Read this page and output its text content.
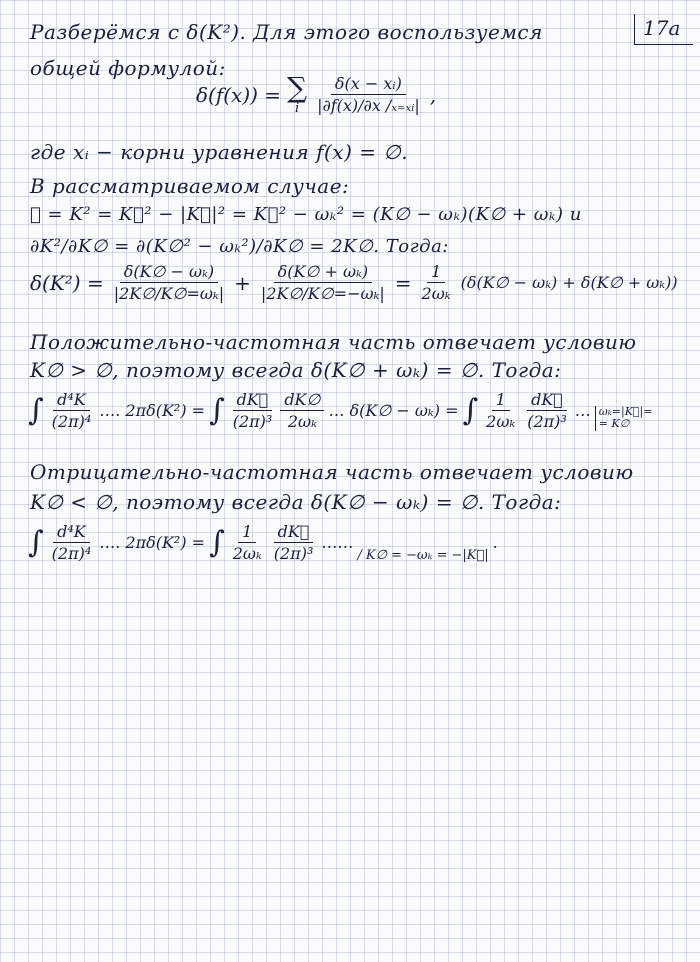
17a
Разберёмся с δ(K²). Для этого воспользуемся
общей формулой:
δ(f(x)) = ∑
i $\frac{\text{δ(x − xᵢ)}}{\text{|∂f(x)/∂x /ₓ₌ₓᵢ|}}$ ,
где xᵢ − корни уравнения f(x) = ∅.
В рассматриваемом случае:
∅ = K² = K∅² − |K⃗|² = K∅² − ωₖ² = (K∅ − ωₖ)(K∅ + ωₖ) и
∂K²/∂K∅ = ∂(K∅² − ωₖ²)/∂K∅ = 2K∅. Тогда:
$\delta(K^2) = \frac{\text{δ(K∅ − ωₖ)}}{\text{|2K∅/K∅=ωₖ|}} + \frac{\text{δ(K∅ + ωₖ)}}{\text{|2K∅/K∅=−ωₖ|}} = \frac{1}{\text{2ωₖ}}$ (δ(K∅ − ωₖ) + δ(K∅ + ωₖ))
Положительно-частотная часть отвечает условию
K∅ > ∅, поэтому всегда δ(K∅ + ωₖ) = ∅. Тогда:
∫ $\frac{\text{d⁴K}}{\text{(2π)⁴}}$ …. 2πδ(K²) = ∫ $\frac{dK⃗}{\text{(2π)³}} \frac{dK\emptyset}{\text{2ωₖ}}$ … δ(K∅ − ωₖ) = ∫ $\frac{1}{\text{2ωₖ}} \frac{dK⃗}{\text{(2π)³}}$ … ωₖ=|K⃗|=
= K∅
Отрицательно-частотная часть отвечает условию
K∅ < ∅, поэтому всегда δ(K∅ − ωₖ) = ∅. Тогда:
∫ $\frac{\text{d⁴K}}{\text{(2π)⁴}}$ …. 2πδ(K²) = ∫ $\frac{1}{\text{2ωₖ}} \frac{dK⃗}{\text{(2π)³}}$ ……
/ K∅ = −ωₖ = −|K⃗|
.
